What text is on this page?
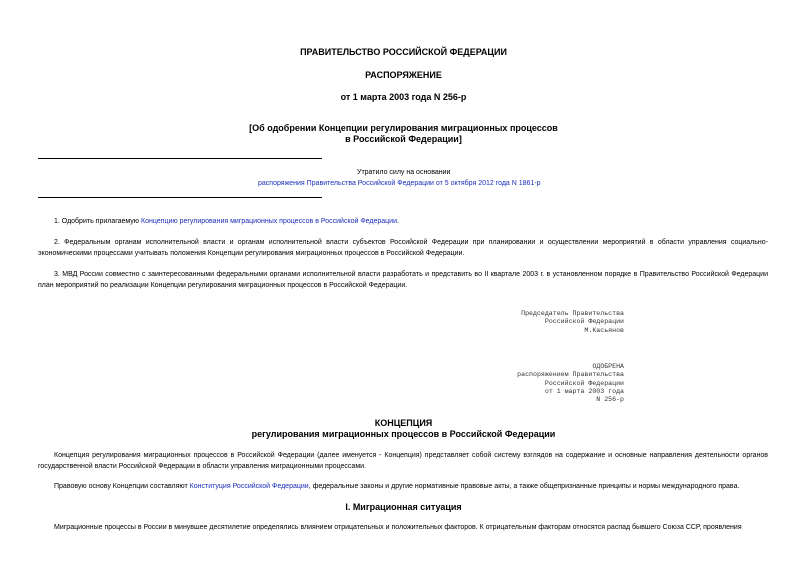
ПРАВИТЕЛЬСТВО РОССИЙСКОЙ ФЕДЕРАЦИИ
РАСПОРЯЖЕНИЕ
от 1 марта 2003 года N 256-р
[Об одобрении Концепции регулирования миграционных процессов
в Российской Федерации]
Утратило силу на основании
распоряжения Правительства Российской Федерации от 5 октября 2012 года N 1861-р
1. Одобрить прилагаемую Концепцию регулирования миграционных процессов в Российской Федерации.
2. Федеральным органам исполнительной власти и органам исполнительной власти субъектов Российской Федерации при планировании и осуществлении мероприятий в области управления социально-экономическими процессами учитывать положения Концепции регулирования миграционных процессов в Российской Федерации.
3. МВД России совместно с заинтересованными федеральными органами исполнительной власти разработать и представить во II квартале 2003 г. в установленном порядке в Правительство Российской Федерации план мероприятий по реализации Концепции регулирования миграционных процессов в Российской Федерации.
Председатель Правительства
Российской Федерации
М.Касьянов
ОДОБРЕНА
распоряжением Правительства
Российской Федерации
от 1 марта 2003 года
N 256-р
КОНЦЕПЦИЯ
регулирования миграционных процессов в Российской Федерации
Концепция регулирования миграционных процессов в Российской Федерации (далее именуется - Концепция) представляет собой систему взглядов на содержание и основные направления деятельности органов государственной власти Российской Федерации в области управления миграционными процессами.
Правовую основу Концепции составляют Конституция Российской Федерации, федеральные законы и другие нормативные правовые акты, а также общепризнанные принципы и нормы международного права.
I. Миграционная ситуация
Миграционные процессы в России в минувшее десятилетие определялись влиянием отрицательных и положительных факторов. К отрицательным факторам относятся распад бывшего Союза ССР, проявления
